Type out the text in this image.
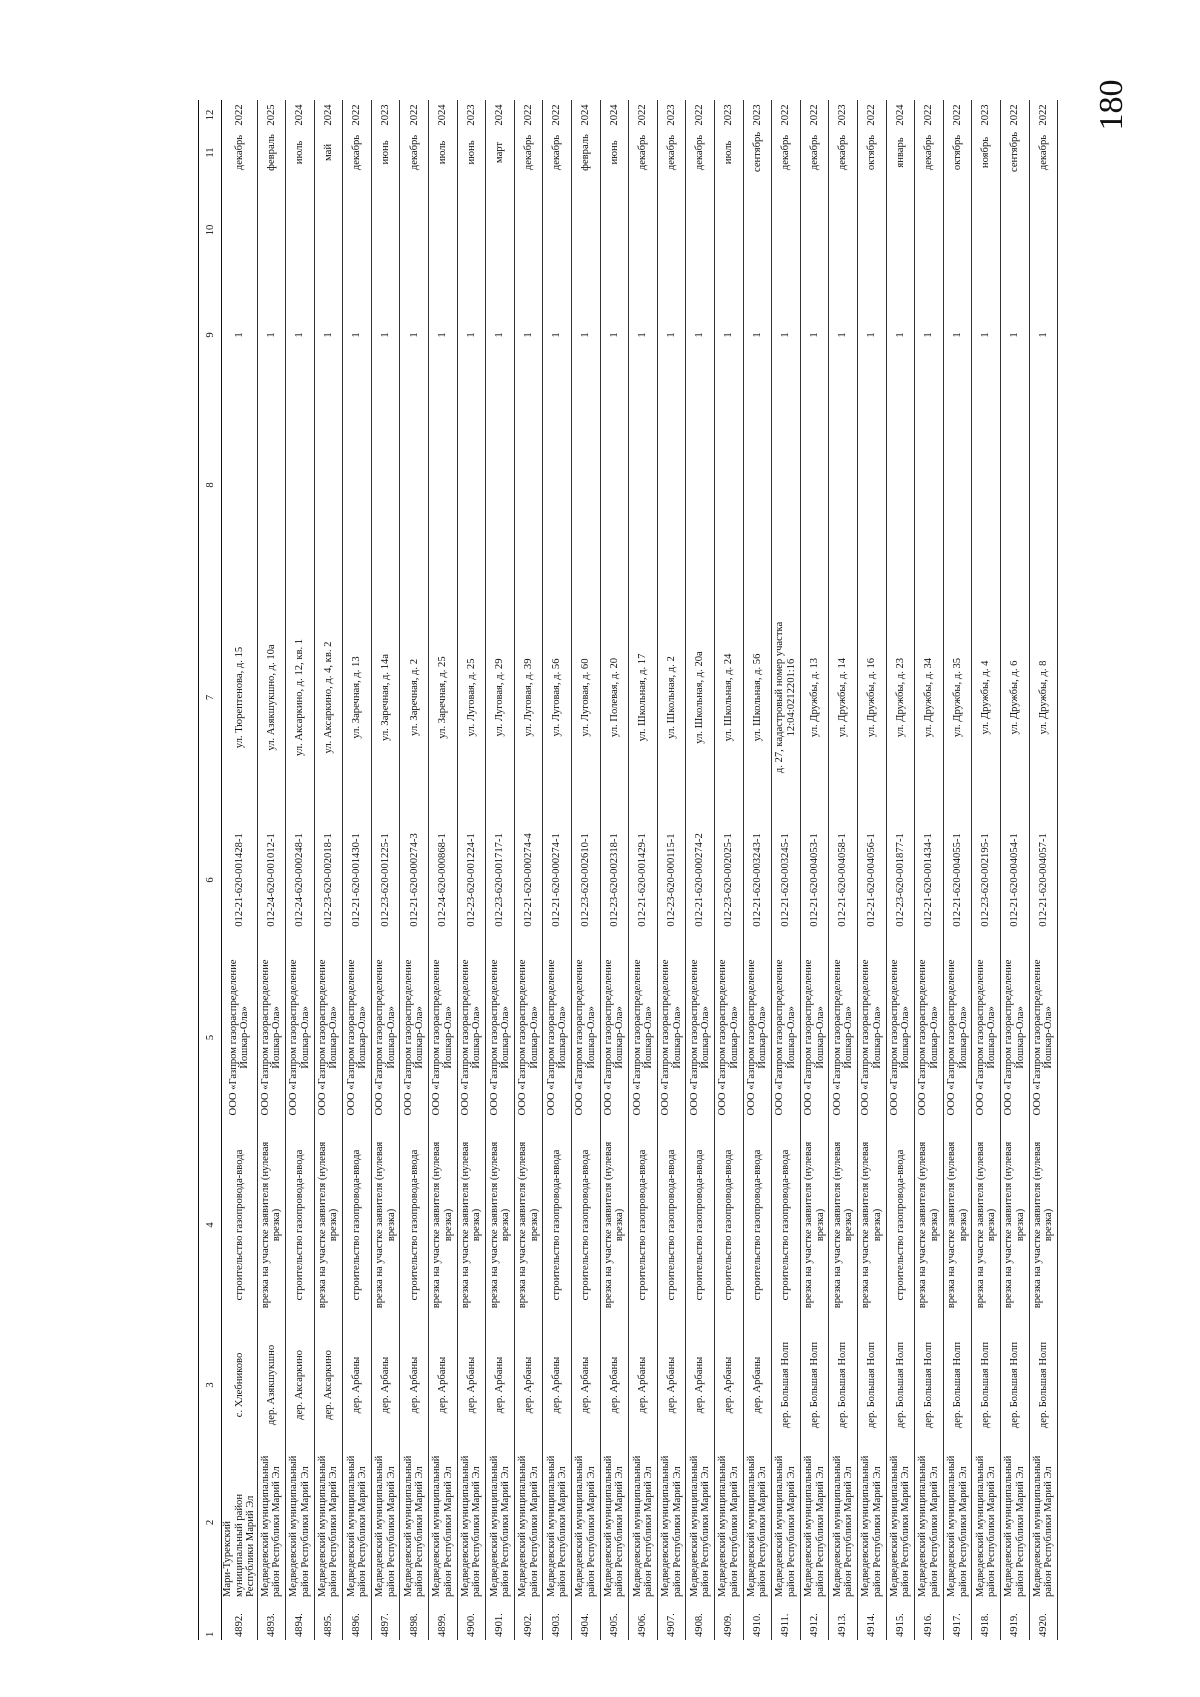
180
1	2	3	4	5	6	7	8	9	10	11	12
4892.	Мари-Турекский муниципальный район Республики Марий Эл	с. Хлебниково	строительство газопровода-ввода	ООО «Газпром газораспределение Йошкар-Ола»	012-21-620-001428-1	ул. Тюрептенова, д. 15		1		декабрь	2022
4893.	Медведевский муниципальный район Республики Марий Эл	дер. Азякшукшно	врезка на участке заявителя (нулевая врезка)	ООО «Газпром газораспределение Йошкар-Ола»	012-24-620-001012-1	ул. Азякшукшно, д. 10а		1		февраль	2025
4894.	Медведевский муниципальный район Республики Марий Эл	дер. Аксаркино	строительство газопровода-ввода	ООО «Газпром газораспределение Йошкар-Ола»	012-24-620-000248-1	ул. Аксаркино, д. 12, кв. 1		1		июль	2024
4895.	Медведевский муниципальный район Республики Марий Эл	дер. Аксаркино	врезка на участке заявителя (нулевая врезка)	ООО «Газпром газораспределение Йошкар-Ола»	012-23-620-002018-1	ул. Аксаркино, д. 4, кв. 2		1		май	2024
4896.	Медведевский муниципальный район Республики Марий Эл	дер. Арбаны	строительство газопровода-ввода	ООО «Газпром газораспределение Йошкар-Ола»	012-21-620-001430-1	ул. Заречная, д. 13		1		декабрь	2022
4897.	Медведевский муниципальный район Республики Марий Эл	дер. Арбаны	врезка на участке заявителя (нулевая врезка)	ООО «Газпром газораспределение Йошкар-Ола»	012-23-620-001225-1	ул. Заречная, д. 14а		1		июнь	2023
4898.	Медведевский муниципальный район Республики Марий Эл	дер. Арбаны	строительство газопровода-ввода	ООО «Газпром газораспределение Йошкар-Ола»	012-21-620-000274-3	ул. Заречная, д. 2		1		декабрь	2022
4899.	Медведевский муниципальный район Республики Марий Эл	дер. Арбаны	врезка на участке заявителя (нулевая врезка)	ООО «Газпром газораспределение Йошкар-Ола»	012-24-620-000868-1	ул. Заречная, д. 25		1		июль	2024
4900.	Медведевский муниципальный район Республики Марий Эл	дер. Арбаны	врезка на участке заявителя (нулевая врезка)	ООО «Газпром газораспределение Йошкар-Ола»	012-23-620-001224-1	ул. Луговая, д. 25		1		июнь	2023
4901.	Медведевский муниципальный район Республики Марий Эл	дер. Арбаны	врезка на участке заявителя (нулевая врезка)	ООО «Газпром газораспределение Йошкар-Ола»	012-23-620-001717-1	ул. Луговая, д. 29		1		март	2024
4902.	Медведевский муниципальный район Республики Марий Эл	дер. Арбаны	врезка на участке заявителя (нулевая врезка)	ООО «Газпром газораспределение Йошкар-Ола»	012-21-620-000274-4	ул. Луговая, д. 39		1		декабрь	2022
4903.	Медведевский муниципальный район Республики Марий Эл	дер. Арбаны	строительство газопровода-ввода	ООО «Газпром газораспределение Йошкар-Ола»	012-21-620-000274-1	ул. Луговая, д. 56		1		декабрь	2022
4904.	Медведевский муниципальный район Республики Марий Эл	дер. Арбаны	строительство газопровода-ввода	ООО «Газпром газораспределение Йошкар-Ола»	012-23-620-002610-1	ул. Луговая, д. 60		1		февраль	2024
4905.	Медведевский муниципальный район Республики Марий Эл	дер. Арбаны	врезка на участке заявителя (нулевая врезка)	ООО «Газпром газораспределение Йошкар-Ола»	012-23-620-002318-1	ул. Полевая, д. 20		1		июнь	2024
4906.	Медведевский муниципальный район Республики Марий Эл	дер. Арбаны	строительство газопровода-ввода	ООО «Газпром газораспределение Йошкар-Ола»	012-21-620-001429-1	ул. Школьная, д. 17		1		декабрь	2022
4907.	Медведевский муниципальный район Республики Марий Эл	дер. Арбаны	строительство газопровода-ввода	ООО «Газпром газораспределение Йошкар-Ола»	012-23-620-000115-1	ул. Школьная, д. 2		1		декабрь	2023
4908.	Медведевский муниципальный район Республики Марий Эл	дер. Арбаны	строительство газопровода-ввода	ООО «Газпром газораспределение Йошкар-Ола»	012-21-620-000274-2	ул. Школьная, д. 20а		1		декабрь	2022
4909.	Медведевский муниципальный район Республики Марий Эл	дер. Арбаны	строительство газопровода-ввода	ООО «Газпром газораспределение Йошкар-Ола»	012-23-620-002025-1	ул. Школьная, д. 24		1		июль	2023
4910.	Медведевский муниципальный район Республики Марий Эл	дер. Арбаны	строительство газопровода-ввода	ООО «Газпром газораспределение Йошкар-Ола»	012-21-620-003243-1	ул. Школьная, д. 56		1		сентябрь	2023
4911.	Медведевский муниципальный район Республики Марий Эл	дер. Большая Нолп	строительство газопровода-ввода	ООО «Газпром газораспределение Йошкар-Ола»	012-21-620-003245-1	д. 27, кадастровый номер участка 12:04:0212201:16		1		декабрь	2022
4912.	Медведевский муниципальный район Республики Марий Эл	дер. Большая Нолп	врезка на участке заявителя (нулевая врезка)	ООО «Газпром газораспределение Йошкар-Ола»	012-21-620-004053-1	ул. Дружбы, д. 13		1		декабрь	2022
4913.	Медведевский муниципальный район Республики Марий Эл	дер. Большая Нолп	врезка на участке заявителя (нулевая врезка)	ООО «Газпром газораспределение Йошкар-Ола»	012-21-620-004058-1	ул. Дружбы, д. 14		1		декабрь	2023
4914.	Медведевский муниципальный район Республики Марий Эл	дер. Большая Нолп	врезка на участке заявителя (нулевая врезка)	ООО «Газпром газораспределение Йошкар-Ола»	012-21-620-004056-1	ул. Дружбы, д. 16		1		октябрь	2022
4915.	Медведевский муниципальный район Республики Марий Эл	дер. Большая Нолп	строительство газопровода-ввода	ООО «Газпром газораспределение Йошкар-Ола»	012-23-620-001877-1	ул. Дружбы, д. 23		1		январь	2024
4916.	Медведевский муниципальный район Республики Марий Эл	дер. Большая Нолп	врезка на участке заявителя (нулевая врезка)	ООО «Газпром газораспределение Йошкар-Ола»	012-21-620-001434-1	ул. Дружбы, д. 34		1		декабрь	2022
4917.	Медведевский муниципальный район Республики Марий Эл	дер. Большая Нолп	врезка на участке заявителя (нулевая врезка)	ООО «Газпром газораспределение Йошкар-Ола»	012-21-620-004055-1	ул. Дружбы, д. 35		1		октябрь	2022
4918.	Медведевский муниципальный район Республики Марий Эл	дер. Большая Нолп	врезка на участке заявителя (нулевая врезка)	ООО «Газпром газораспределение Йошкар-Ола»	012-23-620-002195-1	ул. Дружбы, д. 4		1		ноябрь	2023
4919.	Медведевский муниципальный район Республики Марий Эл	дер. Большая Нолп	врезка на участке заявителя (нулевая врезка)	ООО «Газпром газораспределение Йошкар-Ола»	012-21-620-004054-1	ул. Дружбы, д. 6		1		сентябрь	2022
4920.	Медведевский муниципальный район Республики Марий Эл	дер. Большая Нолп	врезка на участке заявителя (нулевая врезка)	ООО «Газпром газораспределение Йошкар-Ола»	012-21-620-004057-1	ул. Дружбы, д. 8		1		декабрь	2022
